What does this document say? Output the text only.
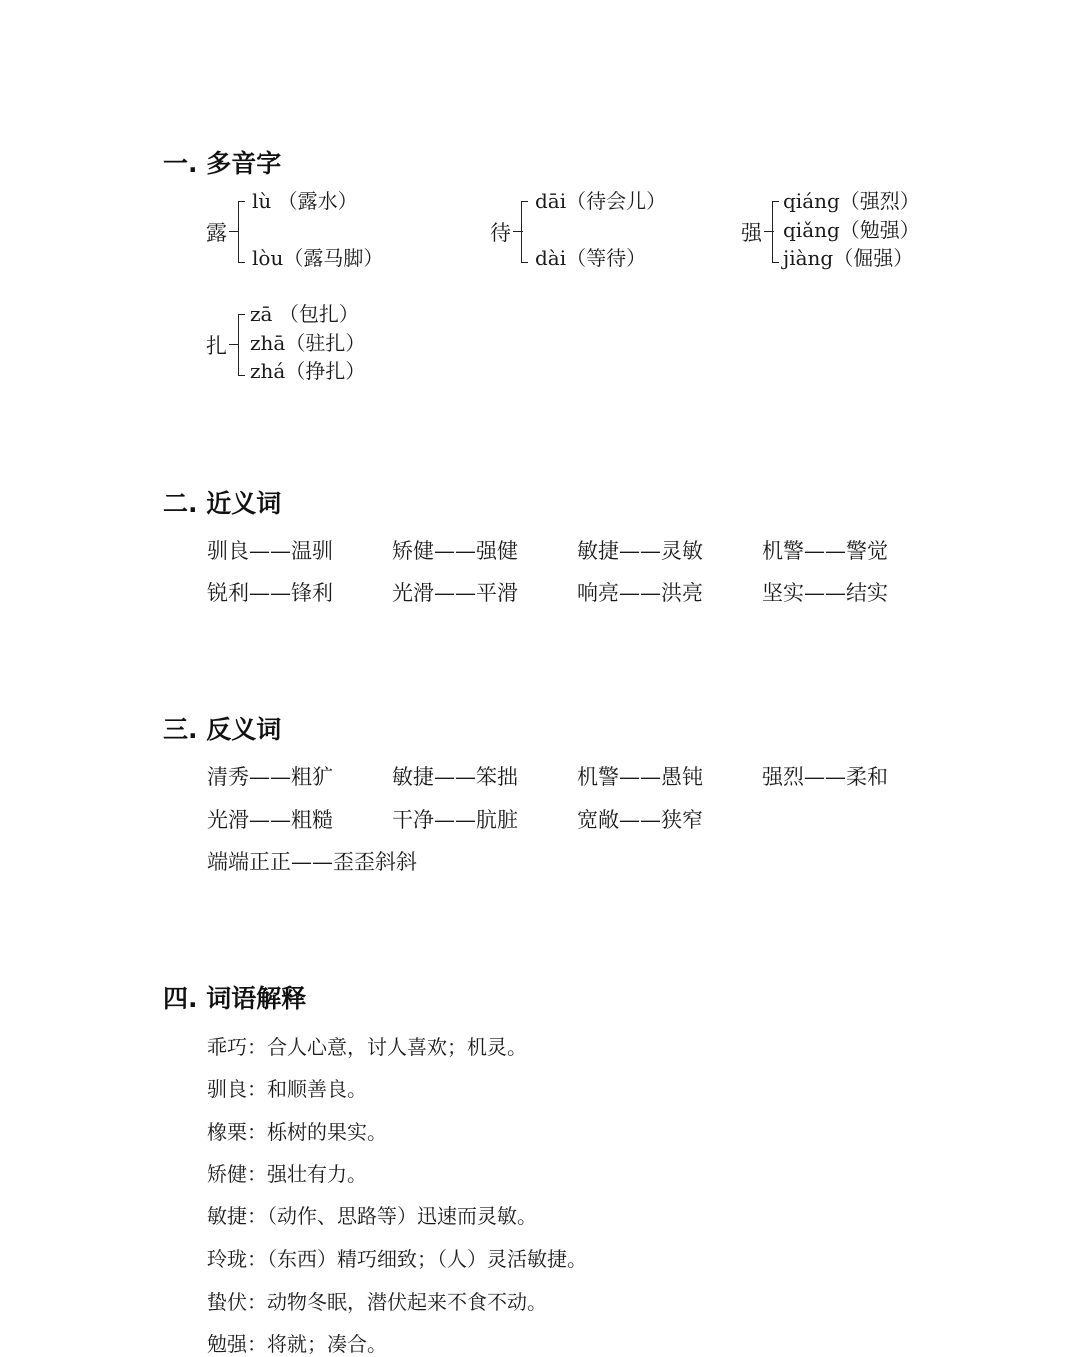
一. 多音字
露
lù （露水）
lòu（露马脚）
待
dāi（待会儿）
dài（等待）
强
qiáng（强烈）
qiǎng（勉强）
jiàng（倔强）
扎
zā （包扎）
zhā（驻扎）
zhá（挣扎）
二. 近义词
驯良——温驯	矫健——强健	敏捷——灵敏	机警——警觉
锐利——锋利	光滑——平滑	响亮——洪亮	坚实——结实
三. 反义词
清秀——粗犷	敏捷——笨拙	机警——愚钝	强烈——柔和
光滑——粗糙	干净——肮脏	宽敞——狭窄
端端正正——歪歪斜斜
四. 词语解释
乖巧：合人心意，讨人喜欢；机灵。
驯良：和顺善良。
橡栗：栎树的果实。
矫健：强壮有力。
敏捷：（动作、思路等）迅速而灵敏。
玲珑：（东西）精巧细致；（人）灵活敏捷。
蛰伏：动物冬眠，潜伏起来不食不动。
勉强：将就；凑合。
